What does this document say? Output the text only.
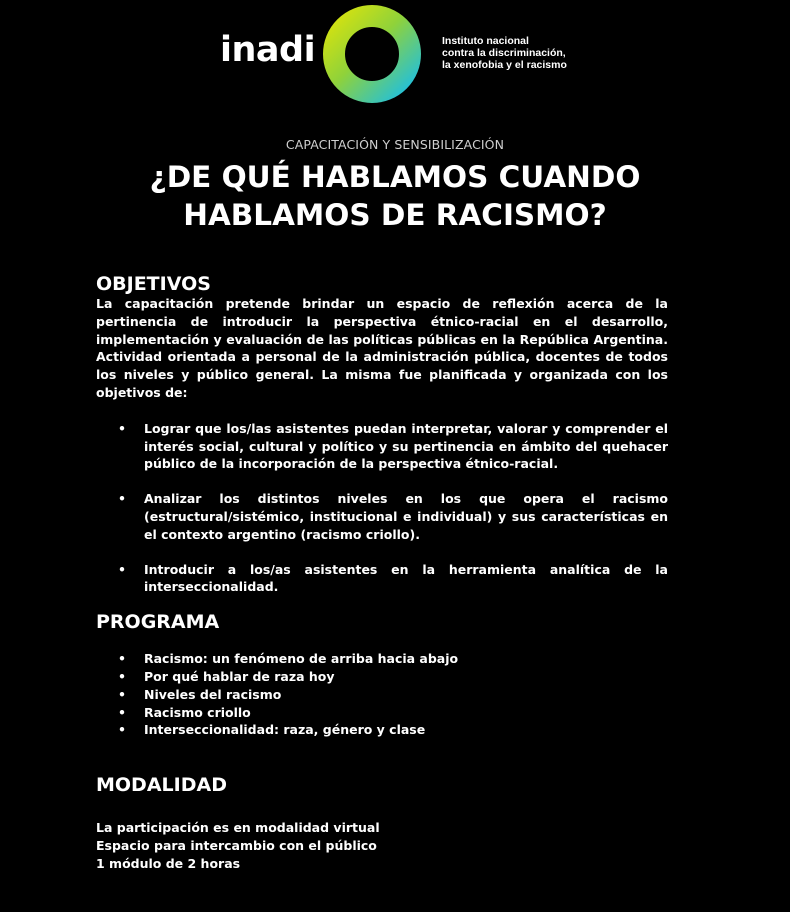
inadi	Instituto nacional
contra la discriminación,
la xenofobia y el racismo
CAPACITACIÓN Y SENSIBILIZACIÓN
¿DE QUÉ HABLAMOS CUANDO
HABLAMOS DE RACISMO?
OBJETIVOS

La capacitación pretende brindar un espacio de reflexión acerca de la pertinencia de introducir la perspectiva étnico-racial en el desarrollo, implementación y evaluación de las políticas públicas en la República Argentina. Actividad orientada a personal de la administración pública, docentes de todos los niveles y público general. La misma fue planificada y organizada con los objetivos de:

• Lograr que los/las asistentes puedan interpretar, valorar y comprender el interés social, cultural y político y su pertinencia en ámbito del quehacer público de la incorporación de la perspectiva étnico-racial.
• Analizar los distintos niveles en los que opera el racismo (estructural/sistémico, institucional e individual) y sus características en el contexto argentino (racismo criollo).
• Introducir a los/as asistentes en la herramienta analítica de la interseccionalidad.
PROGRAMA
• Racismo: un fenómeno de arriba hacia abajo
• Por qué hablar de raza hoy
• Niveles del racismo
• Racismo criollo
• Interseccionalidad: raza, género y clase
MODALIDAD
La participación es en modalidad virtual
Espacio para intercambio con el público
1 módulo de 2 horas
